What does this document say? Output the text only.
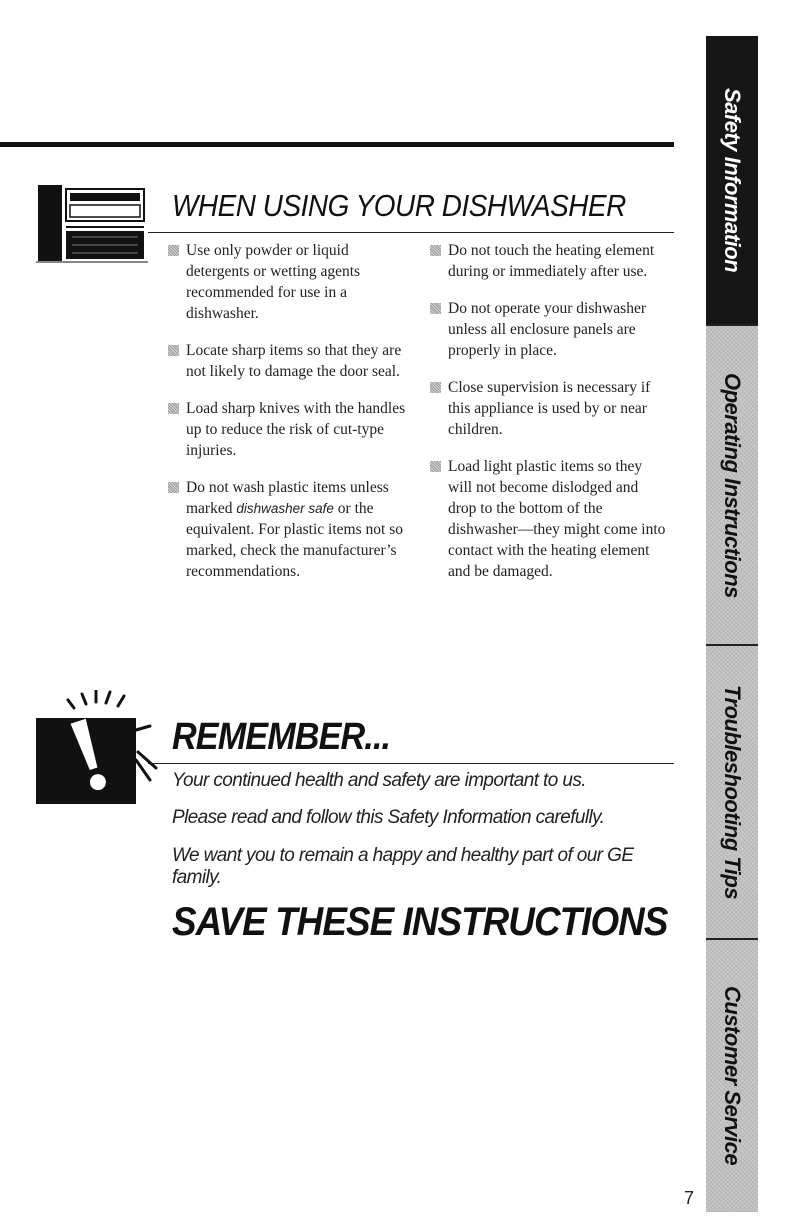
WHEN USING YOUR DISHWASHER

Use only powder or liquid detergents or wetting agents recommended for use in a dishwasher.

Locate sharp items so that they are not likely to damage the door seal.

Load sharp knives with the handles up to reduce the risk of cut-type injuries.

Do not wash plastic items unless marked dishwasher safe or the equivalent. For plastic items not so marked, check the manufacturer’s recommendations.

Do not touch the heating element during or immediately after use.

Do not operate your dishwasher unless all enclosure panels are properly in place.

Close supervision is necessary if this appliance is used by or near children.

Load light plastic items so they will not become dislodged and drop to the bottom of the dishwasher—they might come into contact with the heating element and be damaged.

REMEMBER...

Your continued health and safety are important to us.

Please read and follow this Safety Information carefully.

We want you to remain a happy and healthy part of our GE family.

SAVE THESE INSTRUCTIONS
Safety Information
Operating Instructions
Troubleshooting Tips
Customer Service
7
